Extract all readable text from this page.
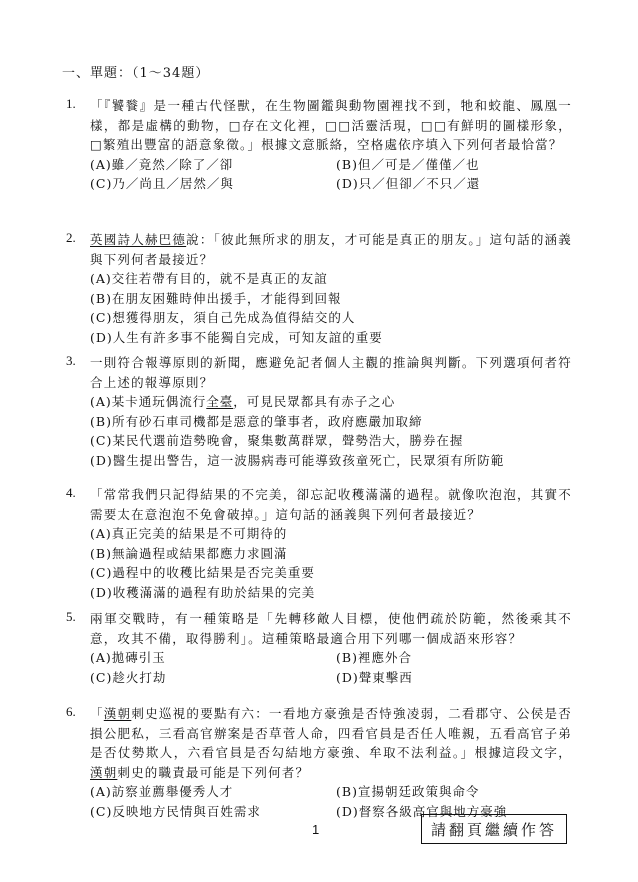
一、單題：（1～34題）
1. 「『饕餮』是一種古代怪獸，在生物圖鑑與動物園裡找不到，牠和蛟龍、鳳凰一樣，都是虛構的動物，□存在文化裡，□□活靈活現，□□有鮮明的圖樣形象，□繁殖出豐富的語意象徵。」根據文意脈絡，空格處依序填入下列何者最恰當？
(A)雖／竟然／除了／卻	(B)但／可是／僅僅／也
(C)乃／尚且／居然／與	(D)只／但卻／不只／還
2. 英國詩人赫巴德說：「彼此無所求的朋友，才可能是真正的朋友。」這句話的涵義與下列何者最接近？
(A)交往若帶有目的，就不是真正的友誼
(B)在朋友困難時伸出援手，才能得到回報
(C)想獲得朋友，須自己先成為值得結交的人
(D)人生有許多事不能獨自完成，可知友誼的重要
3. 一則符合報導原則的新聞，應避免記者個人主觀的推論與判斷。下列選項何者符合上述的報導原則？
(A)某卡通玩偶流行全臺，可見民眾都具有赤子之心
(B)所有砂石車司機都是惡意的肇事者，政府應嚴加取締
(C)某民代選前造勢晚會，聚集數萬群眾，聲勢浩大，勝券在握
(D)醫生提出警告，這一波腸病毒可能導致孩童死亡，民眾須有所防範
4. 「常常我們只記得結果的不完美，卻忘記收穫滿滿的過程。就像吹泡泡，其實不需要太在意泡泡不免會破掉。」這句話的涵義與下列何者最接近？
(A)真正完美的結果是不可期待的
(B)無論過程或結果都應力求圓滿
(C)過程中的收穫比結果是否完美重要
(D)收穫滿滿的過程有助於結果的完美
5. 兩軍交戰時，有一種策略是「先轉移敵人目標，使他們疏於防範，然後乘其不意，攻其不備，取得勝利」。這種策略最適合用下列哪一個成語來形容？
(A)拋磚引玉	(B)裡應外合
(C)趁火打劫	(D)聲東擊西
6. 「漢朝刺史巡視的要點有六：一看地方豪強是否恃強凌弱，二看郡守、公侯是否損公肥私，三看高官辦案是否草菅人命，四看官員是否任人唯親，五看高官子弟是否仗勢欺人，六看官員是否勾結地方豪強、牟取不法利益。」根據這段文字，漢朝刺史的職責最可能是下列何者？
(A)訪察並薦舉優秀人才	(B)宣揚朝廷政策與命令
(C)反映地方民情與百姓需求	(D)督察各級高官與地方豪強
1	請翻頁繼續作答
